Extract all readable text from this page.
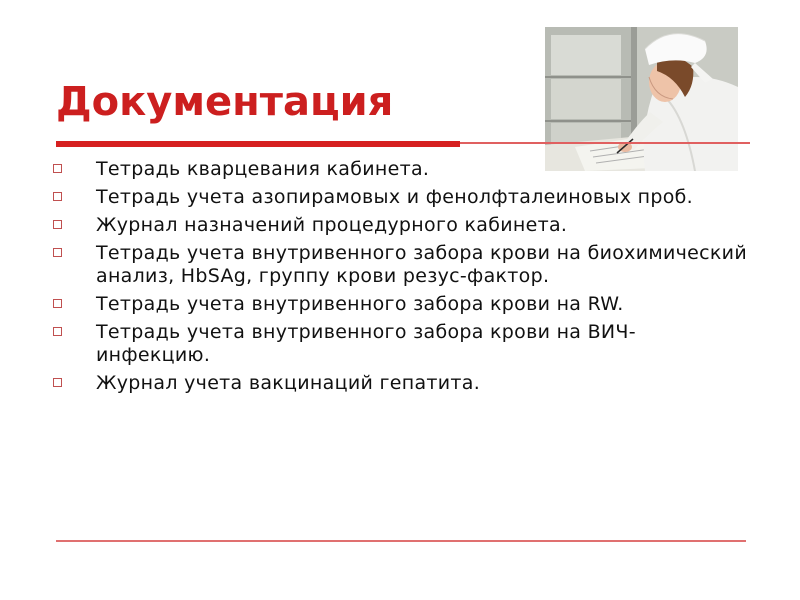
Документация
Тетрадь кварцевания кабинета.
Тетрадь учета азопирамовых и фенолфталеиновых проб.
Журнал назначений процедурного кабинета.
Тетрадь учета внутривенного забора крови на биохимический анализ, HbSAg, группу крови резус-фактор.
Тетрадь учета внутривенного забора крови на RW.
Тетрадь учета внутривенного забора крови на ВИЧ-инфекцию.
Журнал учета вакцинаций гепатита.
